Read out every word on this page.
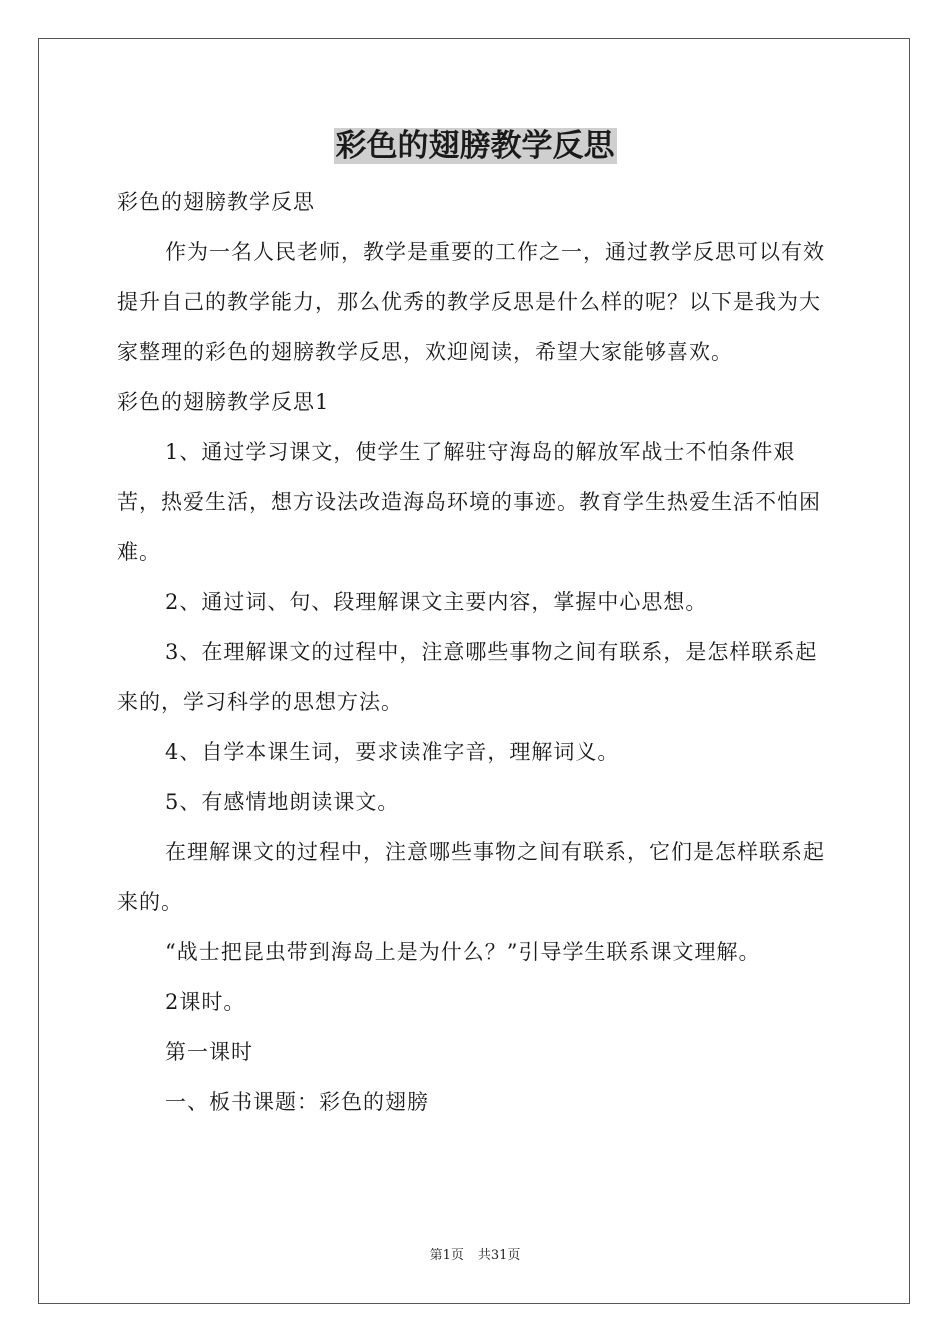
彩色的翅膀教学反思

彩色的翅膀教学反思

作为一名人民老师，教学是重要的工作之一，通过教学反思可以有效提升自己的教学能力，那么优秀的教学反思是什么样的呢？以下是我为大家整理的彩色的翅膀教学反思，欢迎阅读，希望大家能够喜欢。

彩色的翅膀教学反思1

1、通过学习课文，使学生了解驻守海岛的解放军战士不怕条件艰苦，热爱生活，想方设法改造海岛环境的事迹。教育学生热爱生活不怕困难。

2、通过词、句、段理解课文主要内容，掌握中心思想。

3、在理解课文的过程中，注意哪些事物之间有联系，是怎样联系起来的，学习科学的思想方法。

4、自学本课生词，要求读准字音，理解词义。

5、有感情地朗读课文。

在理解课文的过程中，注意哪些事物之间有联系，它们是怎样联系起来的。

“战士把昆虫带到海岛上是为什么？”引导学生联系课文理解。

2课时。

第一课时

一、板书课题：彩色的翅膀

第1页 共31页
